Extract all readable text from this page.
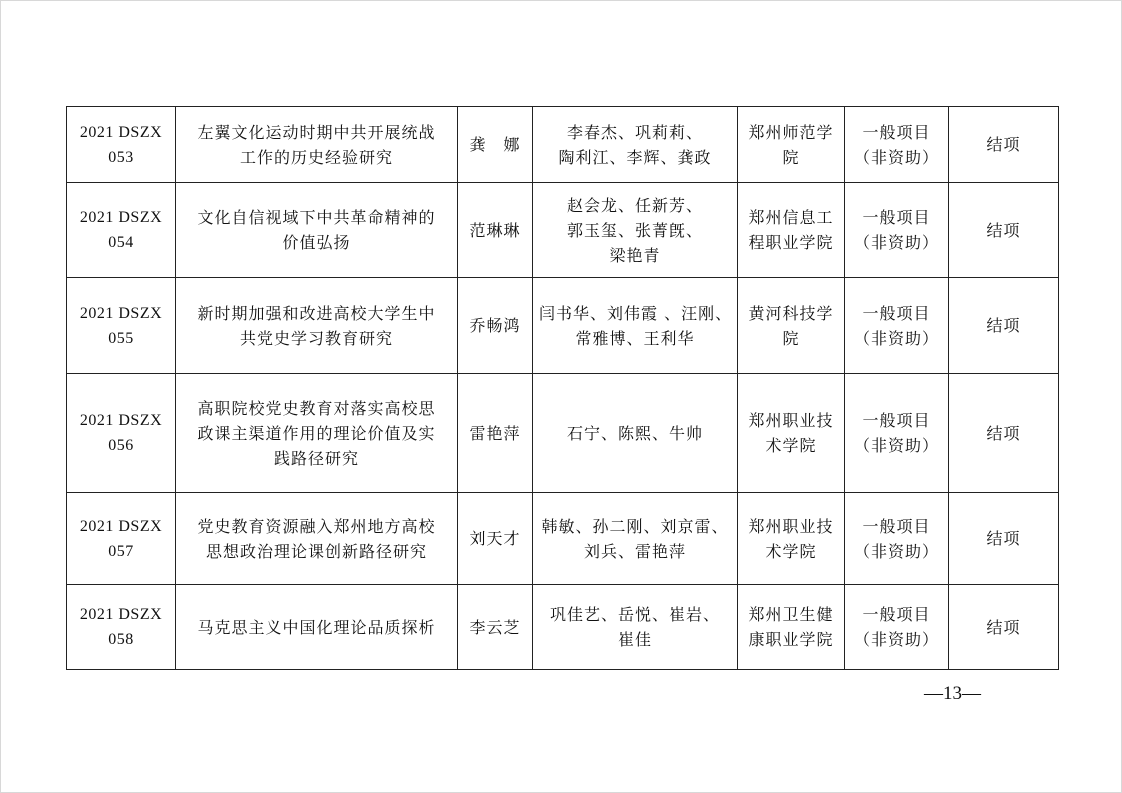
2021 DSZX
053	左翼文化运动时期中共开展统战
工作的历史经验研究	龚　娜	李春杰、巩莉莉、
陶利江、李辉、龚政	郑州师范学
院	一般项目
（非资助）	结项

2021 DSZX
054	文化自信视域下中共革命精神的
价值弘扬	范琳琳	赵会龙、任新芳、
郭玉玺、张菁旣、
梁艳青	郑州信息工
程职业学院	一般项目
（非资助）	结项

2021 DSZX
055	新时期加强和改进高校大学生中
共党史学习教育研究	乔畅鸿	闫书华、刘伟霞 、汪刚、
常雅博、王利华	黄河科技学
院	一般项目
（非资助）	结项

2021 DSZX
056	高职院校党史教育对落实高校思
政课主渠道作用的理论价值及实
践路径研究	雷艳萍	石宁、陈熙、牛帅	郑州职业技
术学院	一般项目
（非资助）	结项

2021 DSZX
057	党史教育资源融入郑州地方高校
思想政治理论课创新路径研究	刘天才	韩敏、孙二刚、刘京雷、
刘兵、雷艳萍	郑州职业技
术学院	一般项目
（非资助）	结项

2021 DSZX
058	马克思主义中国化理论品质探析	李云芝	巩佳艺、岳悦、崔岩、
崔佳	郑州卫生健
康职业学院	一般项目
（非资助）	结项
—13—
